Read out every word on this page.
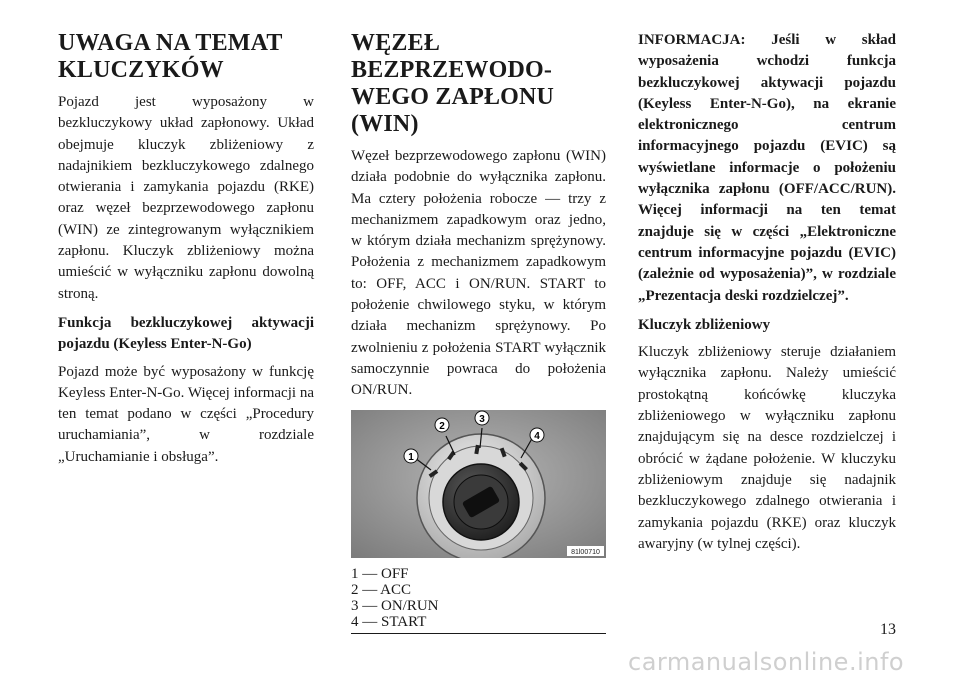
UWAGA NA TEMAT
KLUCZYKÓW

Pojazd jest wyposażony w bezkluczykowy układ zapłonowy. Układ obejmuje kluczyk zbliżeniowy z nadajnikiem bezkluczykowego zdalnego otwierania i zamykania pojazdu (RKE) oraz węzeł bezprzewodowego zapłonu (WIN) ze zintegrowanym wyłącznikiem zapłonu. Kluczyk zbliżeniowy można umieścić w wyłączniku zapłonu dowolną stroną.

Funkcja bezkluczykowej aktywacji pojazdu (Keyless Enter-N-Go)

Pojazd może być wyposażony w funkcję Keyless Enter-N-Go. Więcej informacji na ten temat podano w części „Procedury uruchamiania”, w rozdziale „Uruchamianie i obsługa”.

WĘZEŁ BEZPRZEWODO-
WEGO ZAPŁONU (WIN)

Węzeł bezprzewodowego zapłonu (WIN) działa podobnie do wyłącznika zapłonu. Ma cztery położenia robocze — trzy z mechanizmem zapadkowym oraz jedno, w którym działa mechanizm sprężynowy. Położenia z mechanizmem zapadkowym to: OFF, ACC i ON/RUN. START to położenie chwilowego styku, w którym działa mechanizm sprężynowy. Po zwolnieniu z położenia START wyłącznik samoczynnie powraca do położenia ON/RUN.

1
2
3
4
81l00710
1 — OFF
2 — ACC
3 — ON/RUN
4 — START

INFORMACJA: Jeśli w skład wyposażenia wchodzi funkcja bezkluczykowej aktywacji pojazdu (Keyless Enter-N-Go), na ekranie elektronicznego centrum informacyjnego pojazdu (EVIC) są wyświetlane informacje o położeniu wyłącznika zapłonu (OFF/ACC/RUN). Więcej informacji na ten temat znajduje się w części „Elektroniczne centrum informacyjne pojazdu (EVIC) (zależnie od wyposażenia)”, w rozdziale „Prezentacja deski rozdzielczej”.

Kluczyk zbliżeniowy

Kluczyk zbliżeniowy steruje działaniem wyłącznika zapłonu. Należy umieścić prostokątną końcówkę kluczyka zbliżeniowego w wyłączniku zapłonu znajdującym się na desce rozdzielczej i obrócić w żądane położenie. W kluczyku zbliżeniowym znajduje się nadajnik bezkluczykowego zdalnego otwierania i zamykania pojazdu (RKE) oraz kluczyk awaryjny (w tylnej części).

13
carmanualsonline.info
